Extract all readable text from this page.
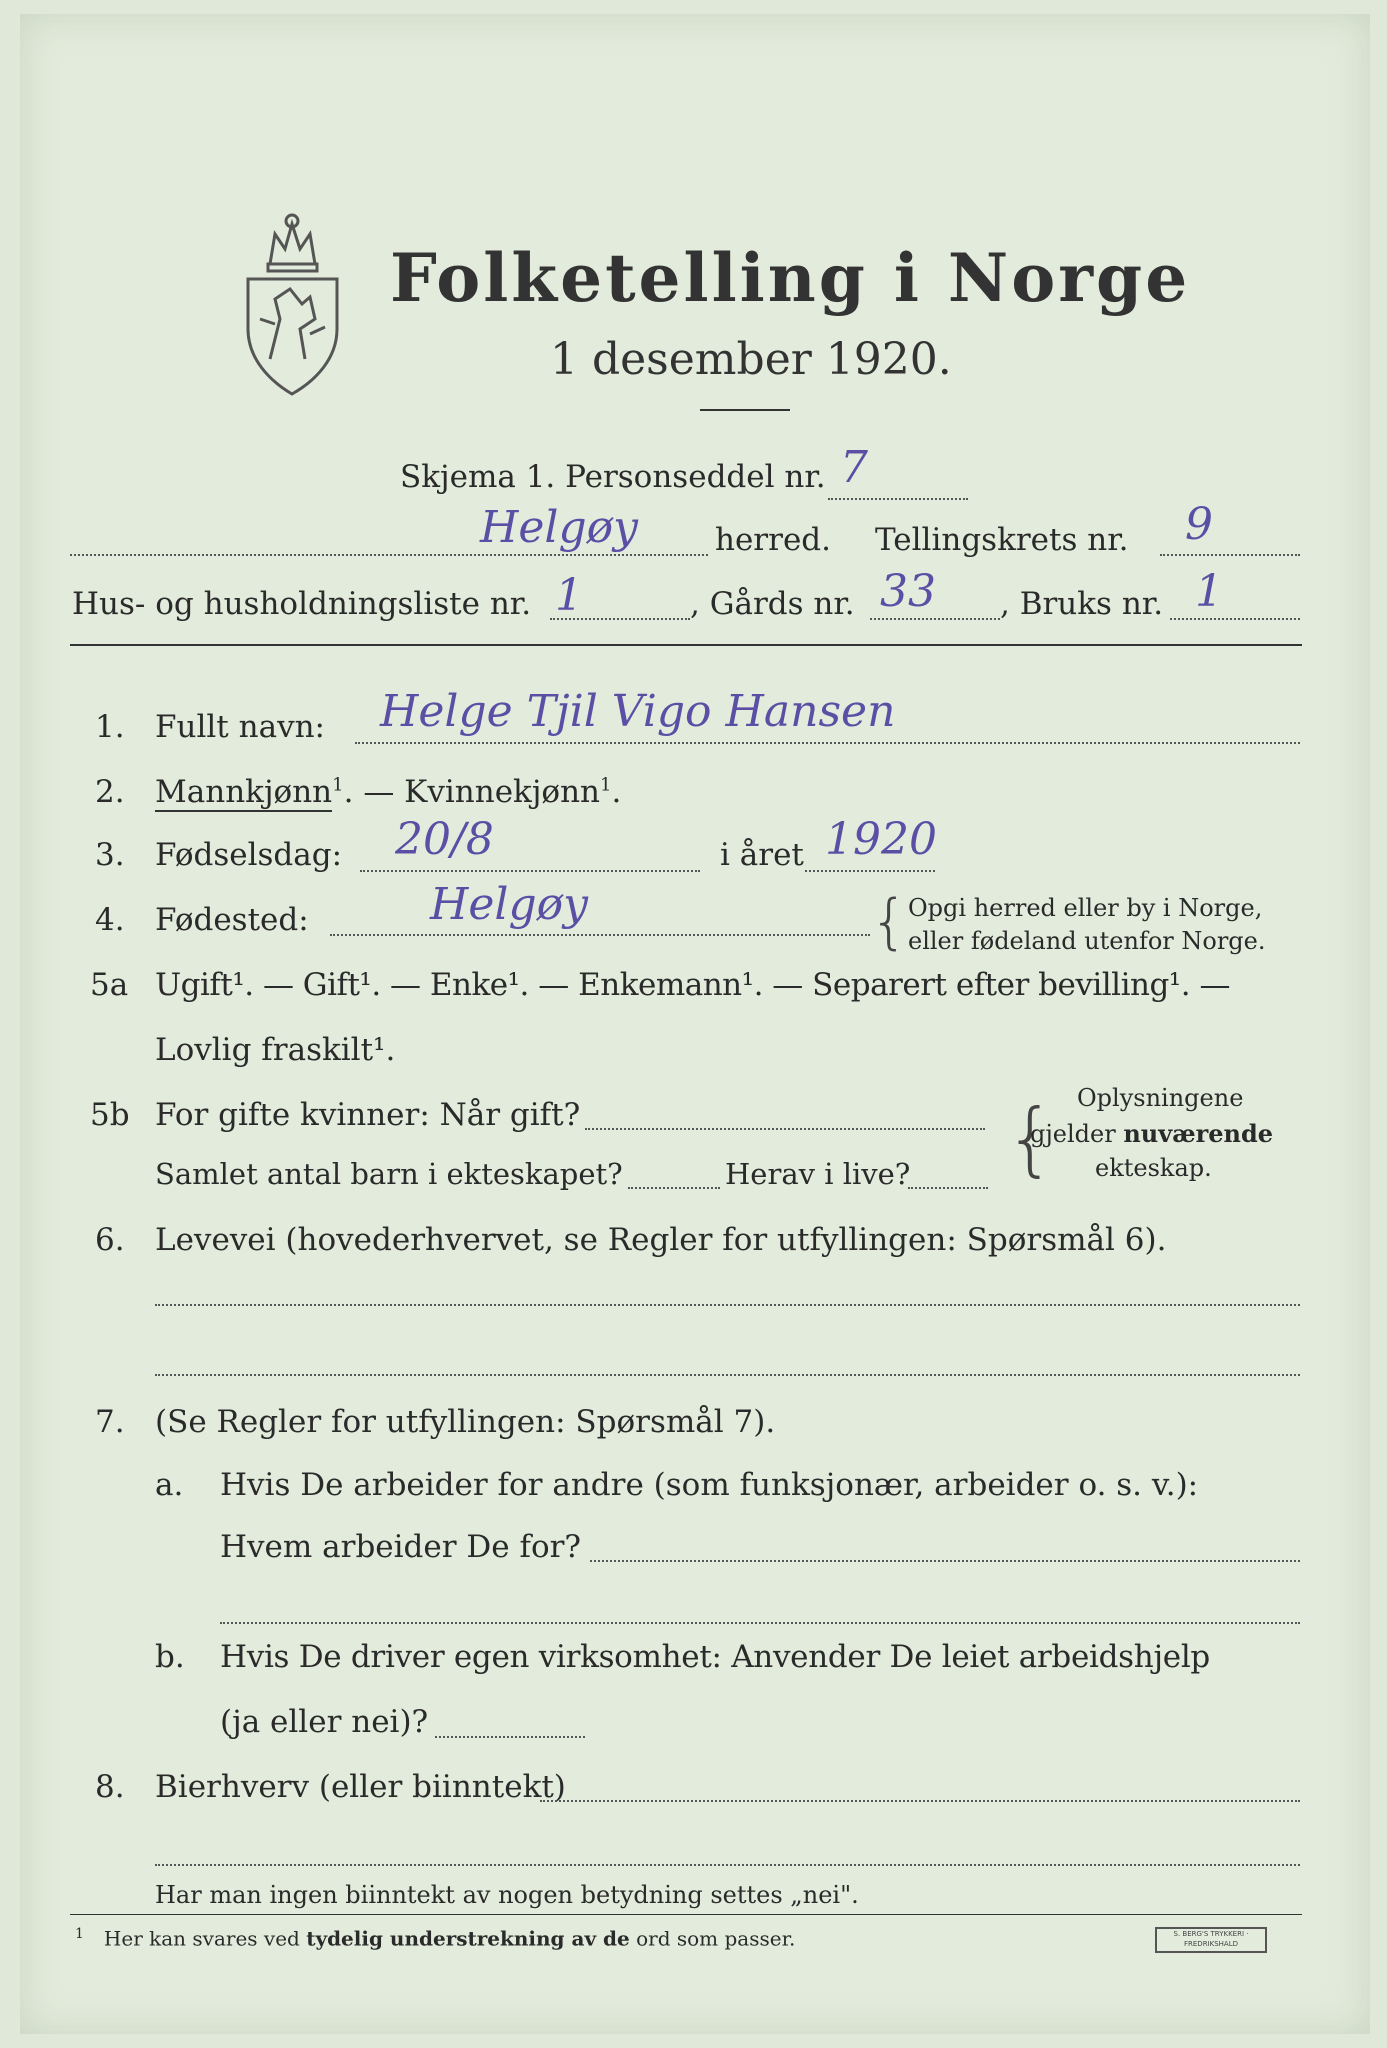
Folketelling i Norge
1 desember 1920.
Skjema 1. Personseddel nr. 7
Helgøy herred. Tellingskrets nr. 9
Hus- og husholdningsliste nr. 1	, Gårds nr. 33 , Bruks nr. 1
1. Fullt navn: Helge Tjil Vigo Hansen
2. Mannkjønn$^1$. — Kvinnekjønn$^1$.
3. Fødselsdag: 20/8	i året 1920
4. Fødested:	Helgøy	{ Opgi herred eller by i Norge,
eller fødeland utenfor Norge.
5a Ugift¹. — Gift¹. — Enke¹. — Enkemann¹. — Separert efter bevilling¹. —
Lovlig fraskilt¹.
5b For gifte kvinner: Når gift?
Samlet antal barn i ekteskapet?	Herav i live? { Oplysningene
gjelder nuværende
ekteskap.
6. Levevei (hovederhvervet, se Regler for utfyllingen: Spørsmål 6).
7. (Se Regler for utfyllingen: Spørsmål 7).
a. Hvis De arbeider for andre (som funksjonær, arbeider o. s. v.):
Hvem arbeider De for?
b. Hvis De driver egen virksomhet: Anvender De leiet arbeidshjelp
(ja eller nei)?
8. Bierhverv (eller biinntekt)
Har man ingen biinntekt av nogen betydning settes „nei".
$^1$ Her kan svares ved tydelig understrekning av de ord som passer.	S. BERG'S TRYKKERI · FREDRIKSHALD
